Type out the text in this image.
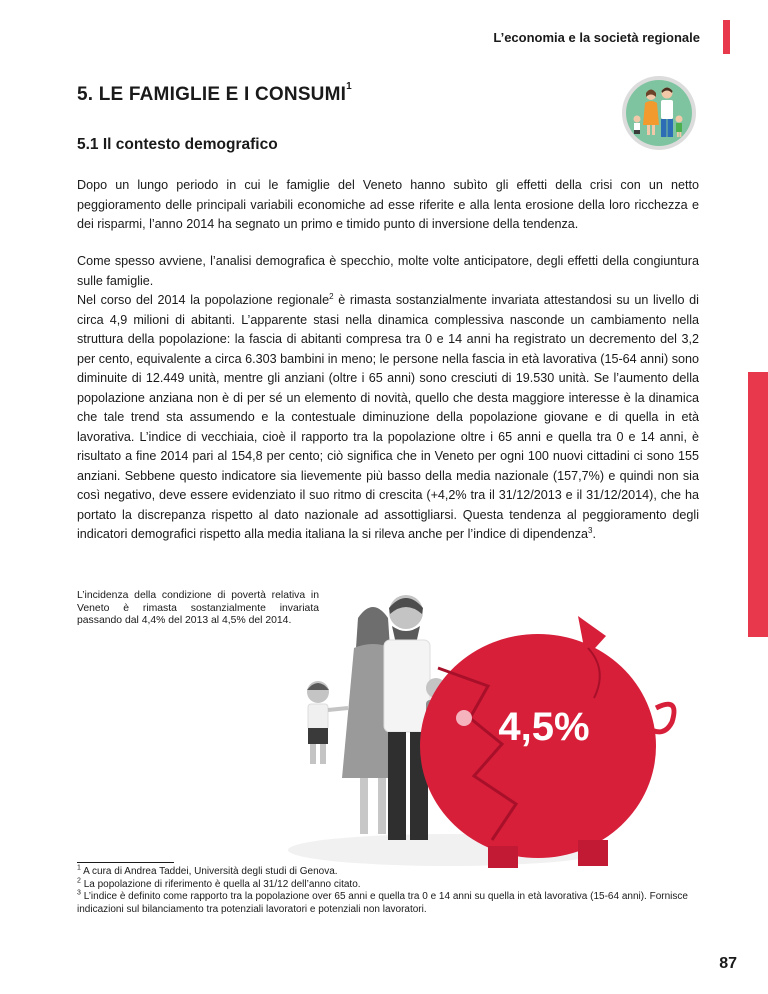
L’economia e la società regionale
5. LE FAMIGLIE E I CONSUMI$^1$
5.1 Il contesto demografico

Dopo un lungo periodo in cui le famiglie del Veneto hanno subìto gli effetti della crisi con un netto peggioramento delle principali variabili economiche ad esse riferite e alla lenta erosione della loro ricchezza e dei risparmi, l’anno 2014 ha segnato un primo e timido punto di inversione della tendenza.

Come spesso avviene, l’analisi demografica è specchio, molte volte anticipatore, degli effetti della congiuntura sulle famiglie.

Nel corso del 2014 la popolazione regionale$^2$ è rimasta sostanzialmente invariata attestandosi su un livello di circa 4,9 milioni di abitanti. L’apparente stasi nella dinamica complessiva nasconde un cambiamento nella struttura della popolazione: la fascia di abitanti compresa tra 0 e 14 anni ha registrato un decremento del 3,2 per cento, equivalente a circa 6.303 bambini in meno; le persone nella fascia in età lavorativa (15-64 anni) sono diminuite di 12.449 unità, mentre gli anziani (oltre i 65 anni) sono cresciuti di 19.530 unità. Se l’aumento della popolazione anziana non è di per sé un elemento di novità, quello che desta maggiore interesse è la dinamica che tale trend sta assumendo e la contestuale diminuzione della popolazione giovane e di quella in età lavorativa. L’indice di vecchiaia, cioè il rapporto tra la popolazione oltre i 65 anni e quella tra 0 e 14 anni, è risultato a fine 2014 pari al 154,8 per cento; ciò significa che in Veneto per ogni 100 nuovi cittadini ci sono 155 anziani. Sebbene questo indicatore sia lievemente più basso della media nazionale (157,7%) e quindi non sia così negativo, deve essere evidenziato il suo ritmo di crescita (+4,2% tra il 31/12/2013 e il 31/12/2014), che ha portato la discrepanza rispetto al dato nazionale ad assottigliarsi. Questa tendenza al peggioramento degli indicatori demografici rispetto alla media italiana la si rileva anche per l’indice di dipendenza$^3$.

L’incidenza della condizione di povertà relativa in Veneto è rimasta sostanzialmente invariata passando dal 4,4% del 2013 al 4,5% del 2014.
4,5%

$^1$ A cura di Andrea Taddei, Università degli studi di Genova.

$^2$ La popolazione di riferimento è quella al 31/12 dell’anno citato.

$^3$ L’indice è definito come rapporto tra la popolazione over 65 anni e quella tra 0 e 14 anni su quella in età lavorativa (15-64 anni). Fornisce indicazioni sul bilanciamento tra potenziali lavoratori e potenziali non lavoratori.

87
